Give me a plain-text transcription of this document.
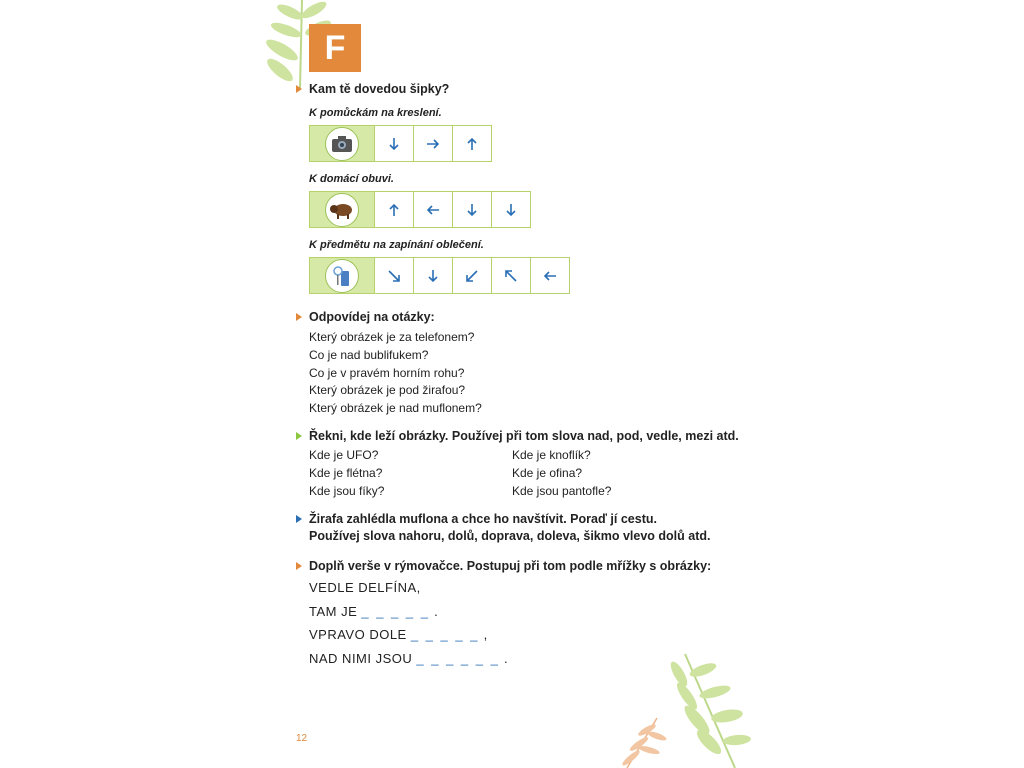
F
Kam tě dovedou šipky?
K pomůckám na kreslení.
K domácí obuvi.
K předmětu na zapínání oblečení.
Odpovídej na otázky:
Který obrázek je za telefonem?
Co je nad bublifukem?
Co je v pravém horním rohu?
Který obrázek je pod žirafou?
Který obrázek je nad muflonem?
Řekni, kde leží obrázky. Používej při tom slova nad, pod, vedle, mezi atd.
Kde je UFO?
Kde je flétna?
Kde jsou fíky?
Kde je knoflík?
Kde je ofina?
Kde jsou pantofle?
Žirafa zahlédla muflona a chce ho navštívit. Poraď jí cestu.
Používej slova nahoru, dolů, doprava, doleva, šikmo vlevo dolů atd.
Doplň verše v rýmovačce. Postupuj při tom podle mřížky s obrázky:
VEDLE DELFÍNA,
TAM JE _ _ _ _ _ .
VPRAVO DOLE _ _ _ _ _ ,
NAD NIMI JSOU _ _ _ _ _ _ .
12
